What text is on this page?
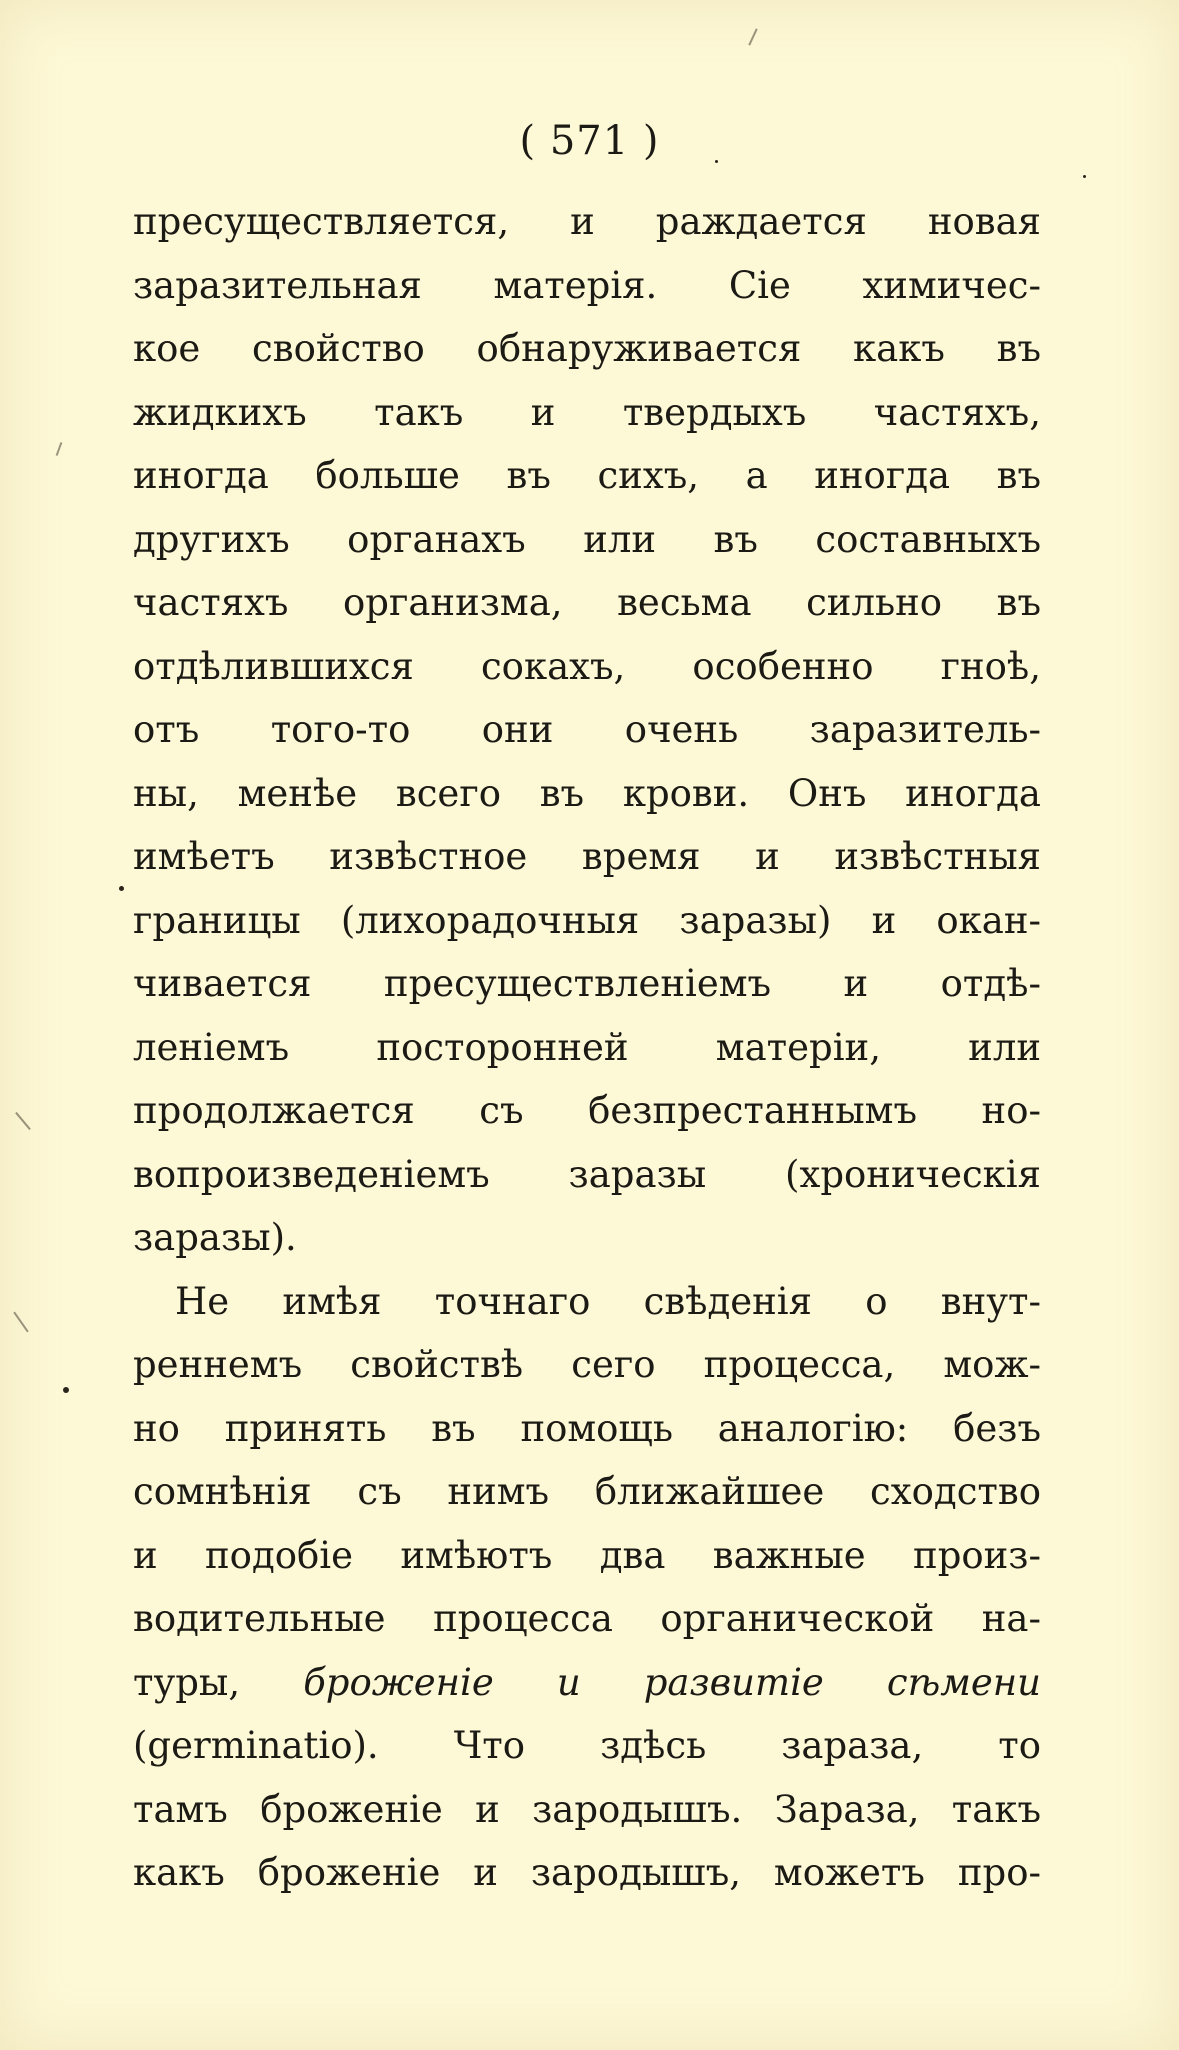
( 571 )
пресуществляется, и раждается новая
заразительная матерія. Сіе химичес-
кое свойство обнаруживается какъ въ
жидкихъ такъ и твердыхъ частяхъ,
иногда больше въ сихъ, а иногда въ
другихъ органахъ или въ составныхъ
частяхъ организма, весьма сильно въ
отдѣлившихся сокахъ, особенно гноѣ,
отъ того-то они очень заразитель-
ны, менѣе всего въ крови. Онъ иногда
имѣетъ извѣстное время и извѣстныя
границы (лихорадочныя заразы) и окан-
чивается пресуществленіемъ и отдѣ-
леніемъ посторонней матеріи, или
продолжается съ безпрестаннымъ но-
вопроизведеніемъ заразы (хроническія
заразы).
Не имѣя точнаго свѣденія о внут-
реннемъ свойствѣ сего процесса, мож-
но принять въ помощь аналогію: безъ
сомнѣнія съ нимъ ближайшее сходство
и подобіе имѣютъ два важные произ-
водительные процесса органической на-
туры, броженіе и развитіе сѣмени
(germinatio). Что здѣсь зараза, то
тамъ броженіе и зародышъ. Зараза, такъ
какъ броженіе и зародышъ, можетъ про-
